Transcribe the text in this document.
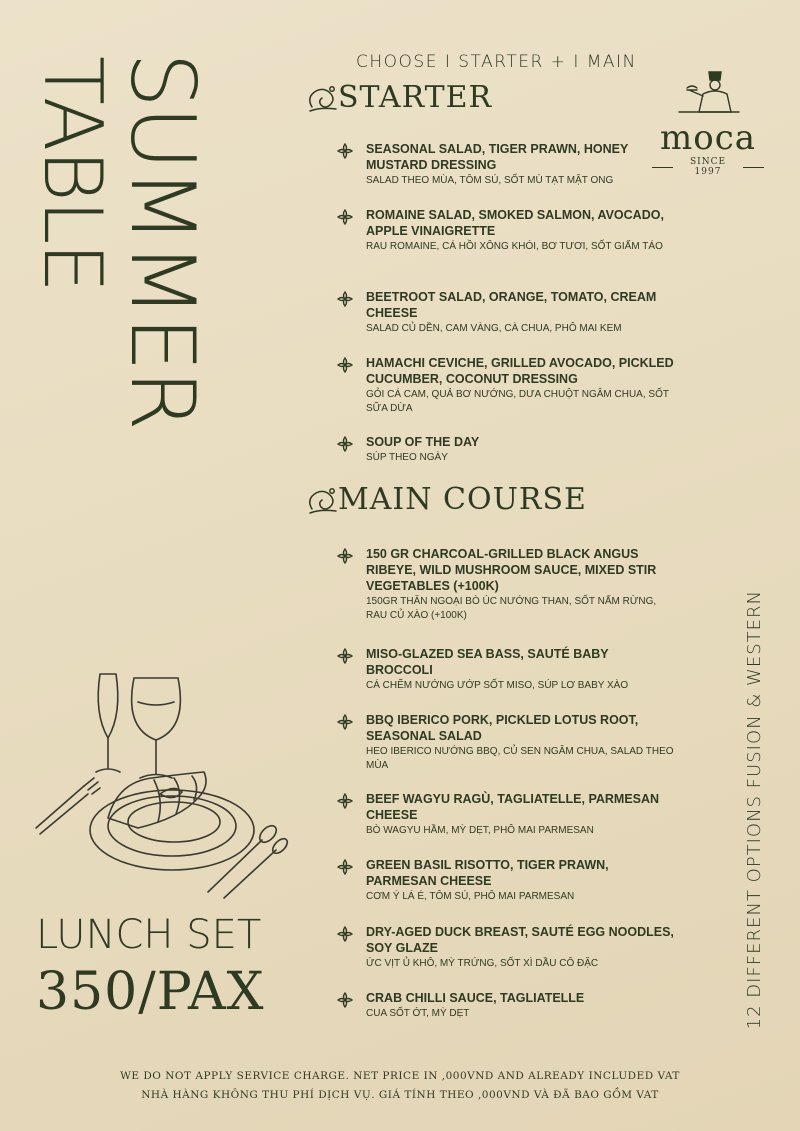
SUMMER
TABLE	CHOOSE I STARTER + I MAIN
moca
SINCE 1997
STARTER
SEASONAL SALAD, TIGER PRAWN, HONEY MUSTARD DRESSING
SALAD THEO MÙA, TÔM SÚ, SỐT MÙ TẠT MẬT ONG
ROMAINE SALAD, SMOKED SALMON, AVOCADO, APPLE VINAIGRETTE
RAU ROMAINE, CÁ HỒI XÔNG KHÓI, BƠ TƯƠI, SỐT GIẤM TÁO
BEETROOT SALAD, ORANGE, TOMATO, CREAM CHEESE
SALAD CỦ DỀN, CAM VÀNG, CÀ CHUA, PHÔ MAI KEM
HAMACHI CEVICHE, GRILLED AVOCADO, PICKLED CUCUMBER, COCONUT DRESSING
GỎI CÁ CAM, QUẢ BƠ NƯỚNG, DƯA CHUỘT NGÂM CHUA, SỐT SỮA DỪA
SOUP OF THE DAY
SÚP THEO NGÀY
MAIN COURSE
150 GR CHARCOAL-GRILLED BLACK ANGUS RIBEYE, WILD MUSHROOM SAUCE, MIXED STIR VEGETABLES (+100K)
150GR THĂN NGOẠI BÒ ÚC NƯỚNG THAN, SỐT NẤM RỪNG, RAU CỦ XÀO (+100K)
MISO-GLAZED SEA BASS, SAUTÉ BABY BROCCOLI
CÁ CHẼM NƯỚNG ƯỚP SỐT MISO, SÚP LƠ BABY XÀO
BBQ IBERICO PORK, PICKLED LOTUS ROOT, SEASONAL SALAD
HEO IBERICO NƯỚNG BBQ, CỦ SEN NGÂM CHUA, SALAD THEO MÙA
BEEF WAGYU RAGÙ, TAGLIATELLE, PARMESAN CHEESE
BÒ WAGYU HẦM, MỲ DẸT, PHÔ MAI PARMESAN
GREEN BASIL RISOTTO, TIGER PRAWN, PARMESAN CHEESE
CƠM Ý LÁ É, TÔM SÚ, PHÔ MAI PARMESAN
DRY-AGED DUCK BREAST, SAUTÉ EGG NOODLES, SOY GLAZE
ỨC VỊT Ủ KHÔ, MỲ TRỨNG, SỐT XÌ DẦU CÔ ĐẶC
CRAB CHILLI SAUCE, TAGLIATELLE
CUA SỐT ỚT, MỲ DẸT	12 DIFFERENT OPTIONS FUSION & WESTERN
LUNCH SET
350/PAX
WE DO NOT APPLY SERVICE CHARGE. NET PRICE IN ,000VND AND ALREADY INCLUDED VAT
NHÀ HÀNG KHÔNG THU PHÍ DỊCH VỤ. GIÁ TÍNH THEO ,000VND VÀ ĐÃ BAO GỒM VAT
